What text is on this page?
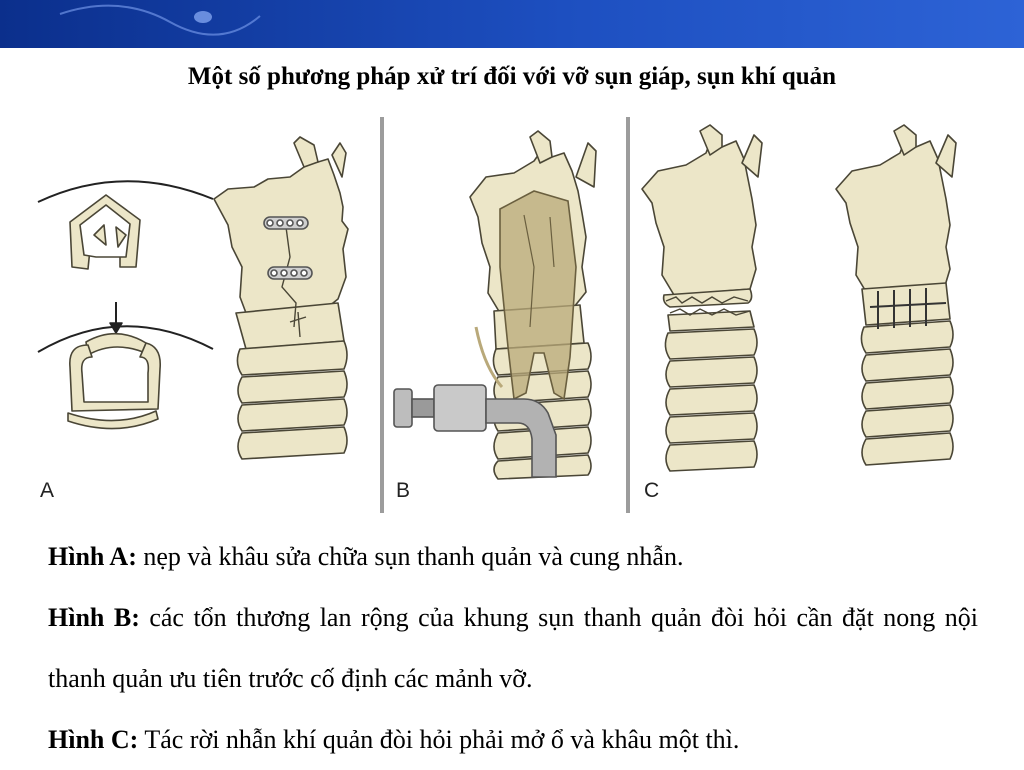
Một số phương pháp xử trí đối với vỡ sụn giáp, sụn khí quản
A	B	C

Hình A: nẹp và khâu sửa chữa sụn thanh quản và cung nhẫn.

Hình B: các tổn thương lan rộng của khung sụn thanh quản đòi hỏi cần đặt nong nội thanh quản ưu tiên trước cố định các mảnh vỡ.

Hình C: Tác rời nhẫn khí quản đòi hỏi phải mở ổ và khâu một thì.
